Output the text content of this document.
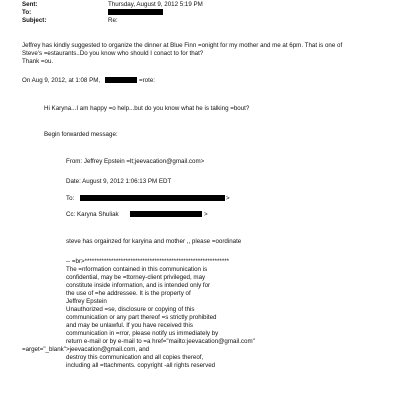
Sent:	Thursday, August 9, 2012 5:19 PM
To:
Subject:	Re:
Jeffrey has kindly suggested to organize the dinner at Blue Finn =onight for my mother and me at 6pm. That is one of
Steve's =estaurants..Do you know who should I conact to for that?
Thank =ou.
On Aug 9, 2012, at 1:08 PM,	=rote:
Hi Karyna...I am happy =o help...but do you know what he is talking =bout?
Begin forwarded message:
From: Jeffrey Epstein =lt;jeevacation@gmail.com>
Date: August 9, 2012 1:06:13 PM EDT
To:	>
Cc: Karyna Shuliak	>
steve has orgainzed for karyina and mother ,, please =oordinate
-- =br>************************************************************
The =nformation contained in this communication is
confidential, may be =ttorney-client privileged, may
constitute inside information, and is intended only for
the use of =he addressee. It is the property of
Jeffrey Epstein
Unauthorized =se, disclosure or copying of this
communication or any part thereof =s strictly prohibited
and may be unlawful. If you have received this
communication in =rror, please notify us immediately by
return e-mail or by e-mail to =a href="mailto:jeevacation@gmail.com"
=arget="_blank">jeevacation@gmail.com, and
destroy this communication and all copies thereof,
including all =ttachments. copyright -all rights reserved
